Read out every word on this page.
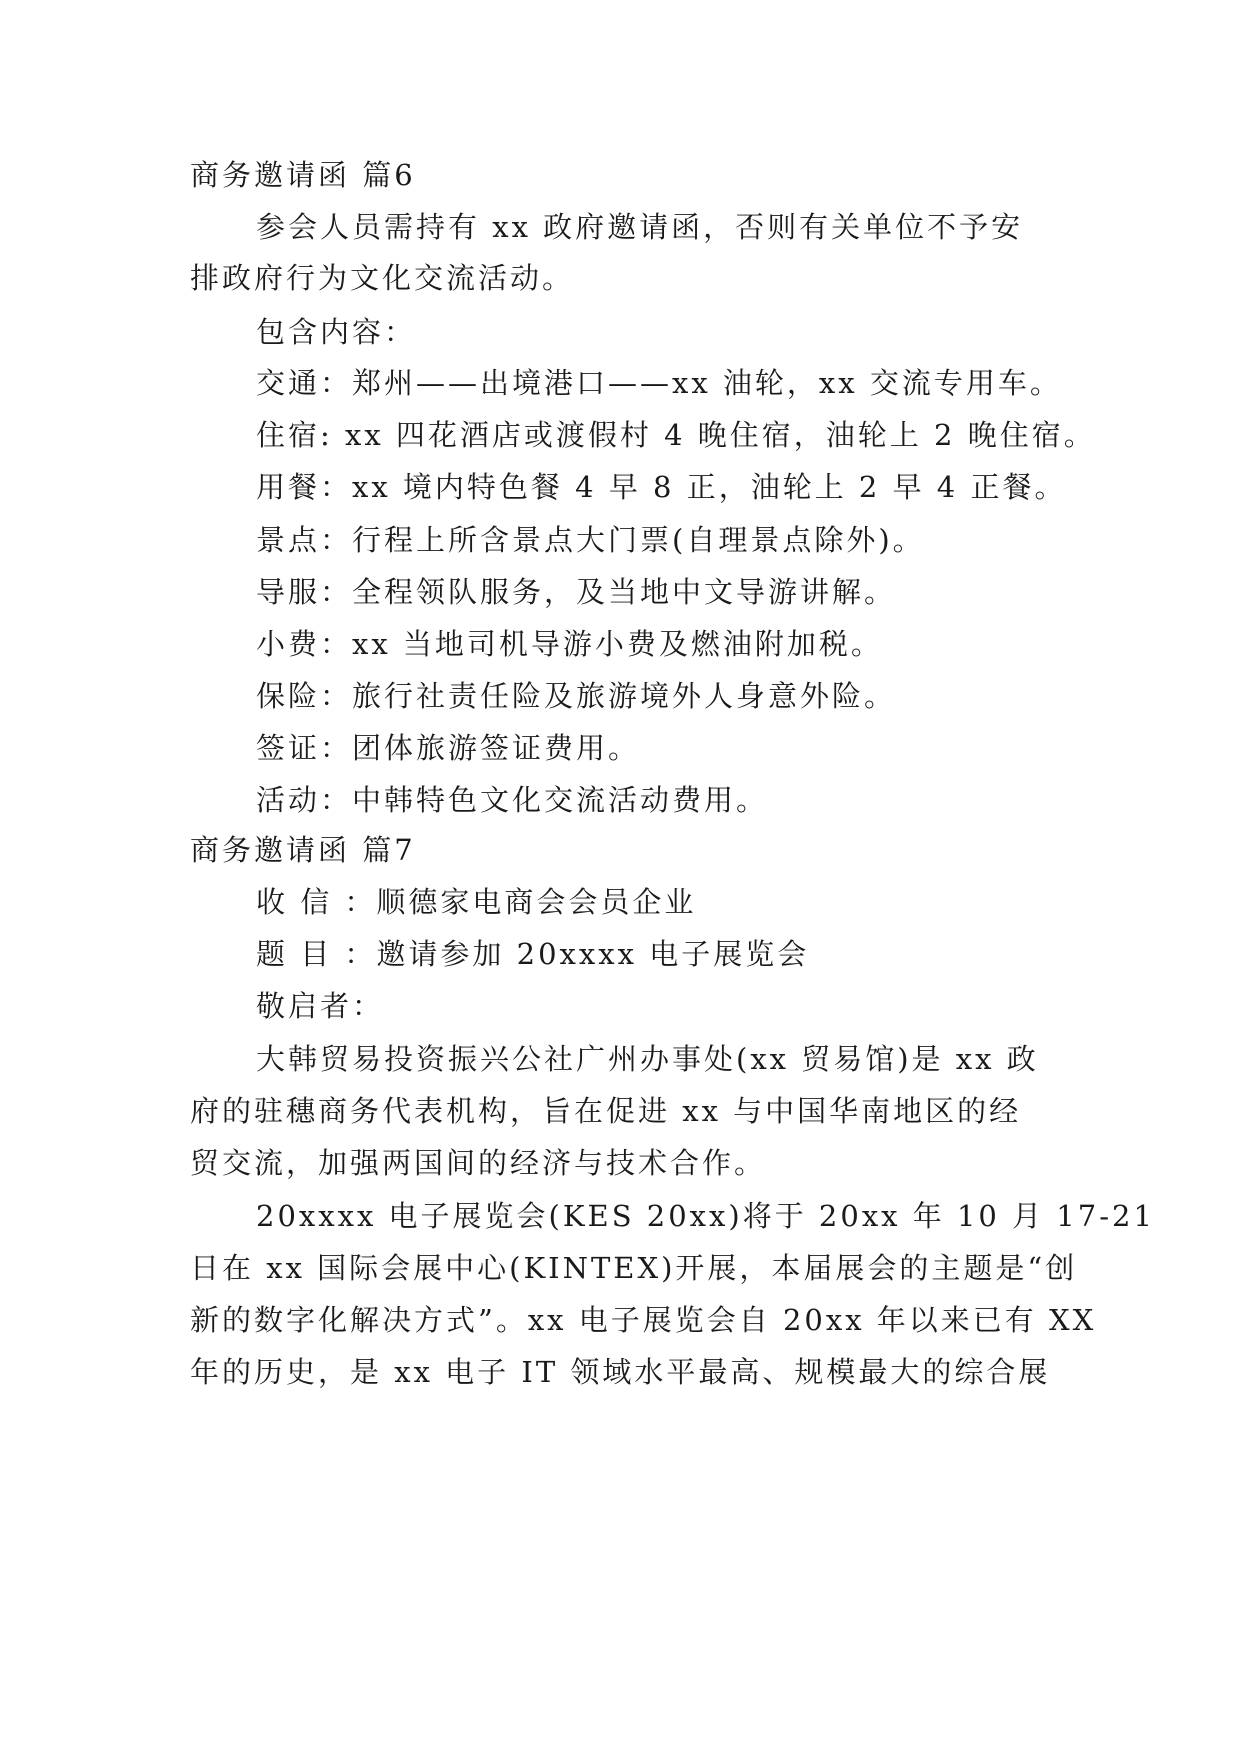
商务邀请函 篇6
参会人员需持有 xx 政府邀请函，否则有关单位不予安
排政府行为文化交流活动。
包含内容：
交通：郑州——出境港口——xx 油轮，xx 交流专用车。
住宿: xx 四花酒店或渡假村 4 晚住宿，油轮上 2 晚住宿。
用餐：xx 境内特色餐 4 早 8 正，油轮上 2 早 4 正餐。
景点：行程上所含景点大门票(自理景点除外)。
导服：全程领队服务，及当地中文导游讲解。
小费：xx 当地司机导游小费及燃油附加税。
保险：旅行社责任险及旅游境外人身意外险。
签证：团体旅游签证费用。
活动：中韩特色文化交流活动费用。
商务邀请函 篇7
收 信 ：顺德家电商会会员企业
题 目 ：邀请参加 20xxxx 电子展览会
敬启者：
大韩贸易投资振兴公社广州办事处(xx 贸易馆)是 xx 政
府的驻穗商务代表机构，旨在促进 xx 与中国华南地区的经
贸交流，加强两国间的经济与技术合作。
20xxxx 电子展览会(KES 20xx)将于 20xx 年 10 月 17-21
日在 xx 国际会展中心(KINTEX)开展，本届展会的主题是“创
新的数字化解决方式”。xx 电子展览会自 20xx 年以来已有 XX
年的历史，是 xx 电子 IT 领域水平最高、规模最大的综合展
